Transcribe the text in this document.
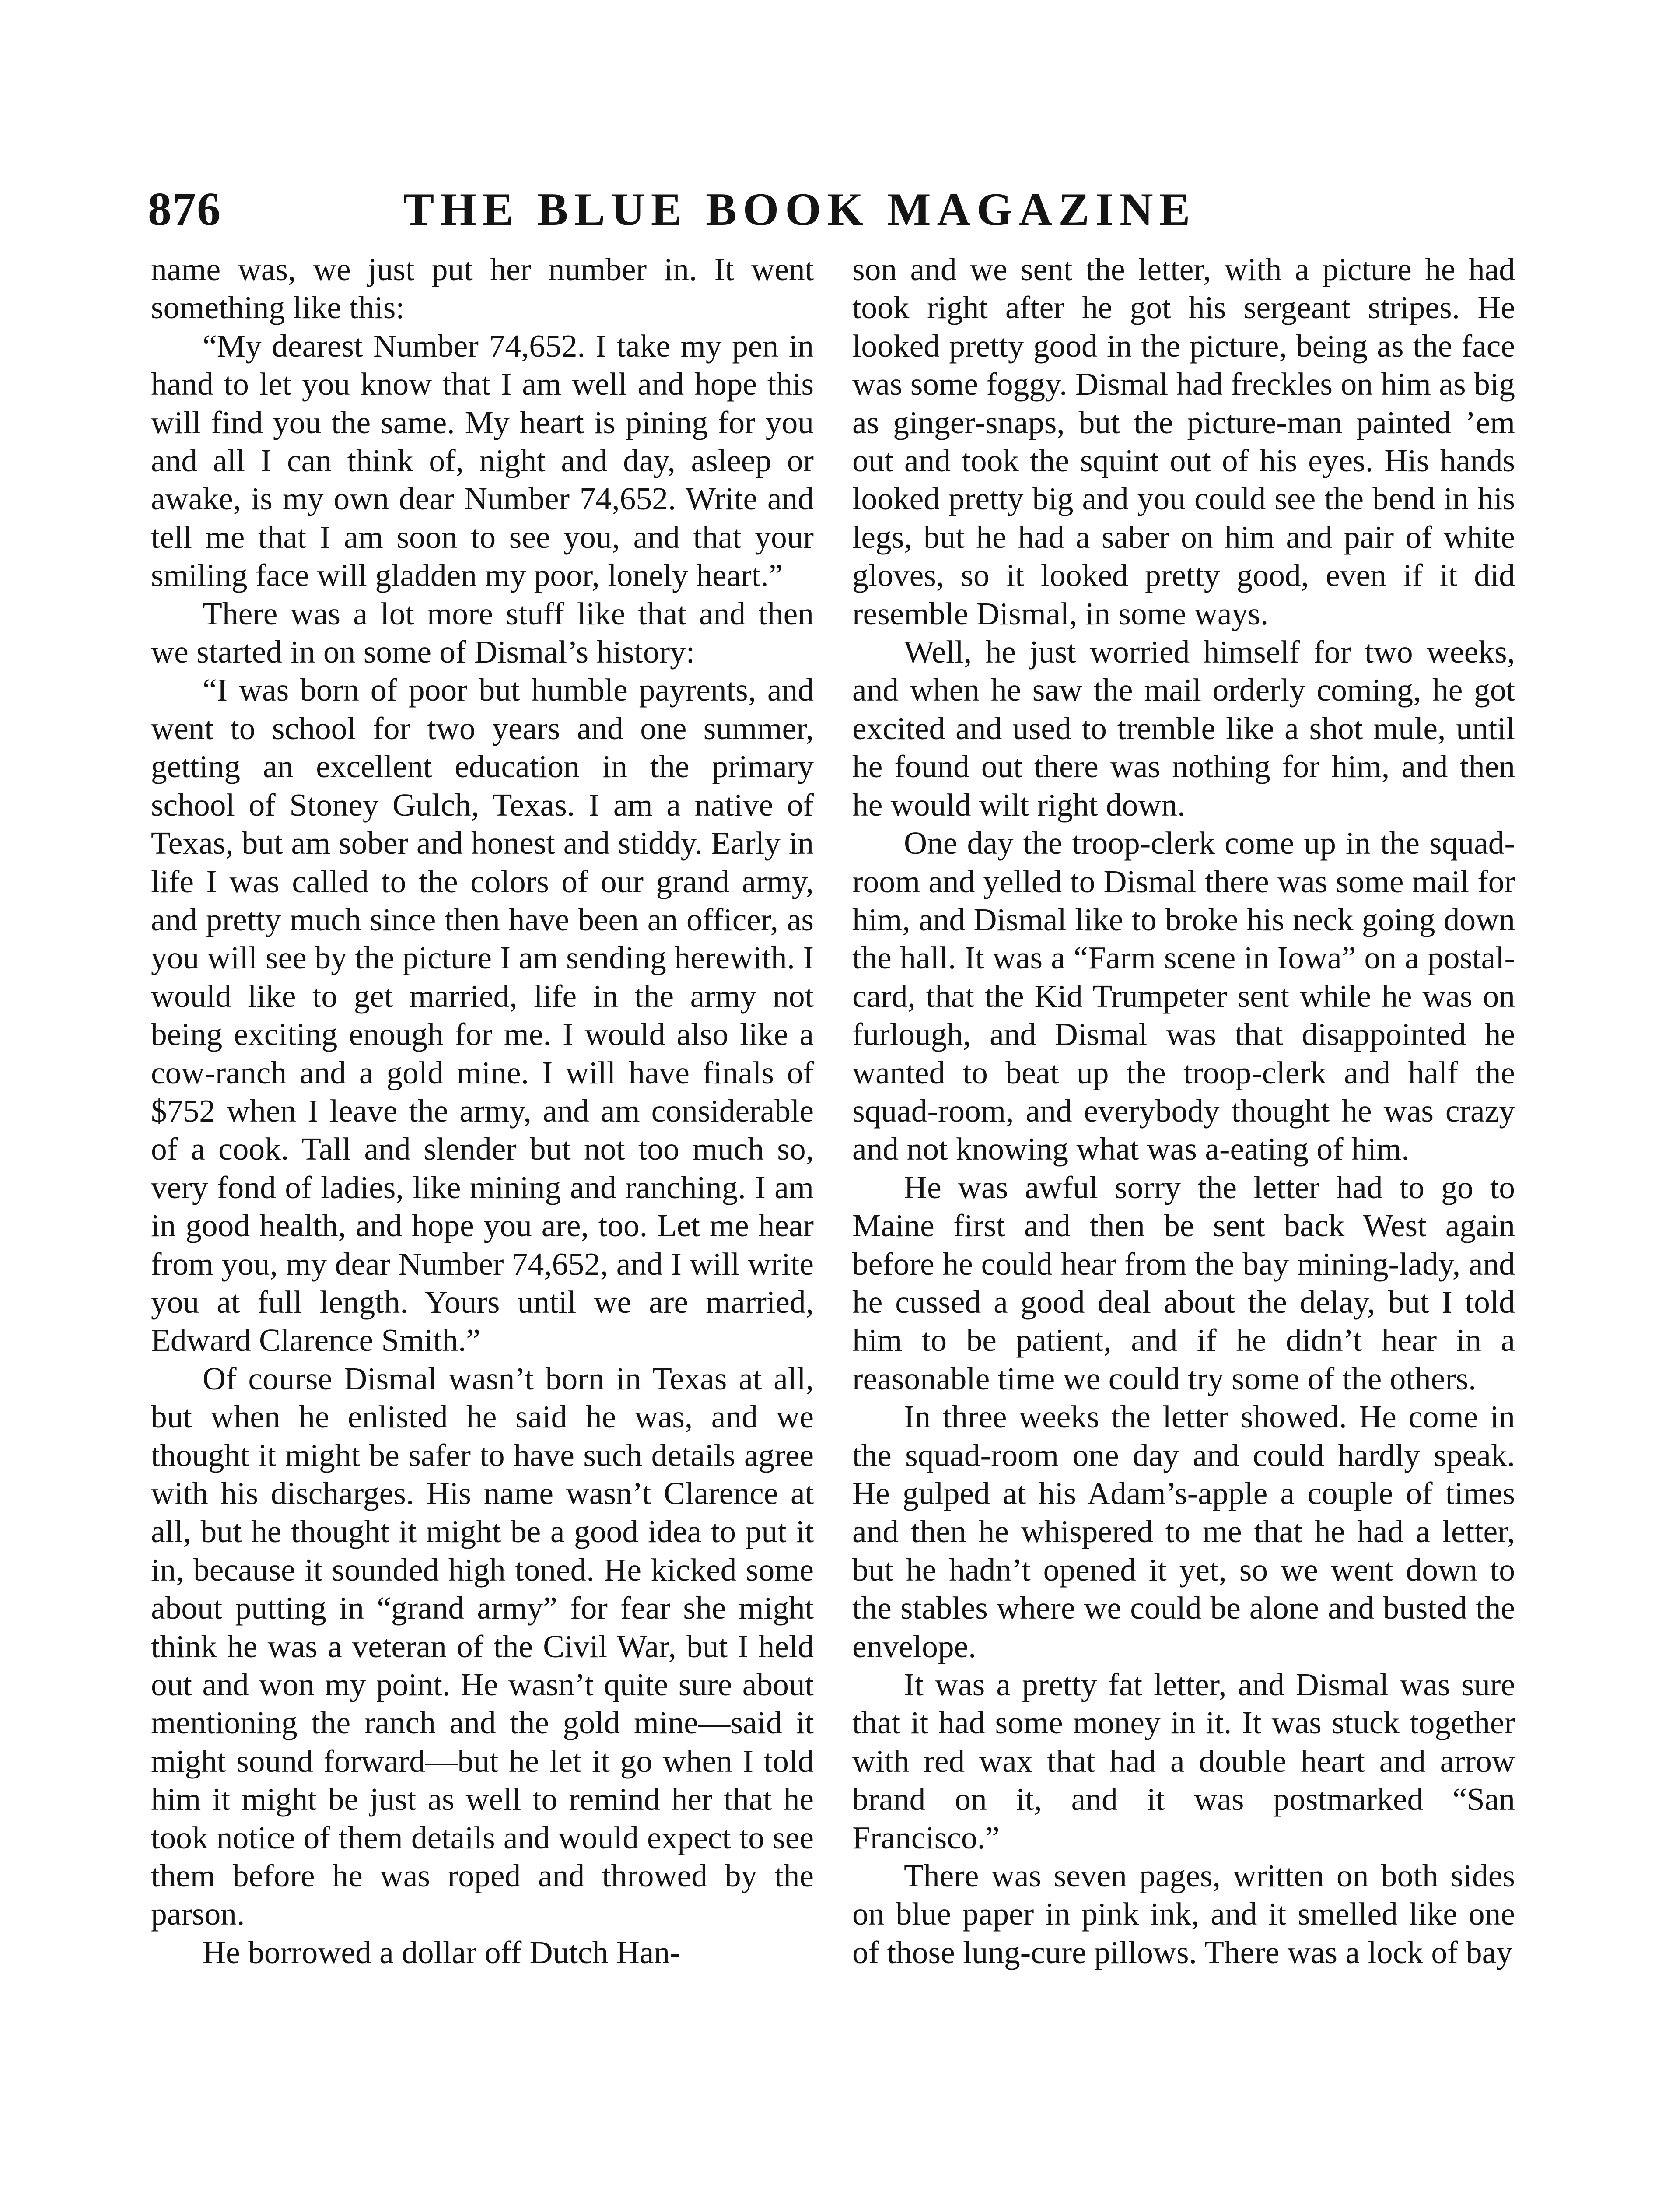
876	THE BLUE BOOK MAGAZINE

name was, we just put her number in. It went something like this:

“My dearest Number 74,652. I take my pen in hand to let you know that I am well and hope this will find you the same. My heart is pining for you and all I can think of, night and day, asleep or awake, is my own dear Number 74,652. Write and tell me that I am soon to see you, and that your smiling face will gladden my poor, lonely heart.”

There was a lot more stuff like that and then we started in on some of Dismal’s history:

“I was born of poor but humble payrents, and went to school for two years and one summer, getting an excellent education in the primary school of Stoney Gulch, Texas. I am a native of Texas, but am sober and honest and stiddy. Early in life I was called to the colors of our grand army, and pretty much since then have been an officer, as you will see by the picture I am sending herewith. I would like to get married, life in the army not being exciting enough for me. I would also like a cow-ranch and a gold mine. I will have finals of $752 when I leave the army, and am considerable of a cook. Tall and slender but not too much so, very fond of ladies, like mining and ranching. I am in good health, and hope you are, too. Let me hear from you, my dear Number 74,652, and I will write you at full length. Yours until we are married, Edward Clarence Smith.”

Of course Dismal wasn’t born in Texas at all, but when he enlisted he said he was, and we thought it might be safer to have such details agree with his discharges. His name wasn’t Clarence at all, but he thought it might be a good idea to put it in, because it sounded high toned. He kicked some about putting in “grand army” for fear she might think he was a veteran of the Civil War, but I held out and won my point. He wasn’t quite sure about mentioning the ranch and the gold mine—said it might sound forward—but he let it go when I told him it might be just as well to remind her that he took notice of them details and would expect to see them before he was roped and throwed by the parson.

He borrowed a dollar off Dutch Han-

son and we sent the letter, with a picture he had took right after he got his sergeant stripes. He looked pretty good in the picture, being as the face was some foggy. Dismal had freckles on him as big as ginger-snaps, but the picture-man painted ’em out and took the squint out of his eyes. His hands looked pretty big and you could see the bend in his legs, but he had a saber on him and pair of white gloves, so it looked pretty good, even if it did resemble Dismal, in some ways.

Well, he just worried himself for two weeks, and when he saw the mail orderly coming, he got excited and used to tremble like a shot mule, until he found out there was nothing for him, and then he would wilt right down.

One day the troop-clerk come up in the squad-room and yelled to Dismal there was some mail for him, and Dismal like to broke his neck going down the hall. It was a “Farm scene in Iowa” on a postal-card, that the Kid Trumpeter sent while he was on furlough, and Dismal was that disappointed he wanted to beat up the troop-clerk and half the squad-room, and everybody thought he was crazy and not knowing what was a-eating of him.

He was awful sorry the letter had to go to Maine first and then be sent back West again before he could hear from the bay mining-lady, and he cussed a good deal about the delay, but I told him to be patient, and if he didn’t hear in a reasonable time we could try some of the others.

In three weeks the letter showed. He come in the squad-room one day and could hardly speak. He gulped at his Adam’s-apple a couple of times and then he whispered to me that he had a letter, but he hadn’t opened it yet, so we went down to the stables where we could be alone and busted the envelope.

It was a pretty fat letter, and Dismal was sure that it had some money in it. It was stuck together with red wax that had a double heart and arrow brand on it, and it was postmarked “San Francisco.”

There was seven pages, written on both sides on blue paper in pink ink, and it smelled like one of those lung-cure pillows. There was a lock of bay
